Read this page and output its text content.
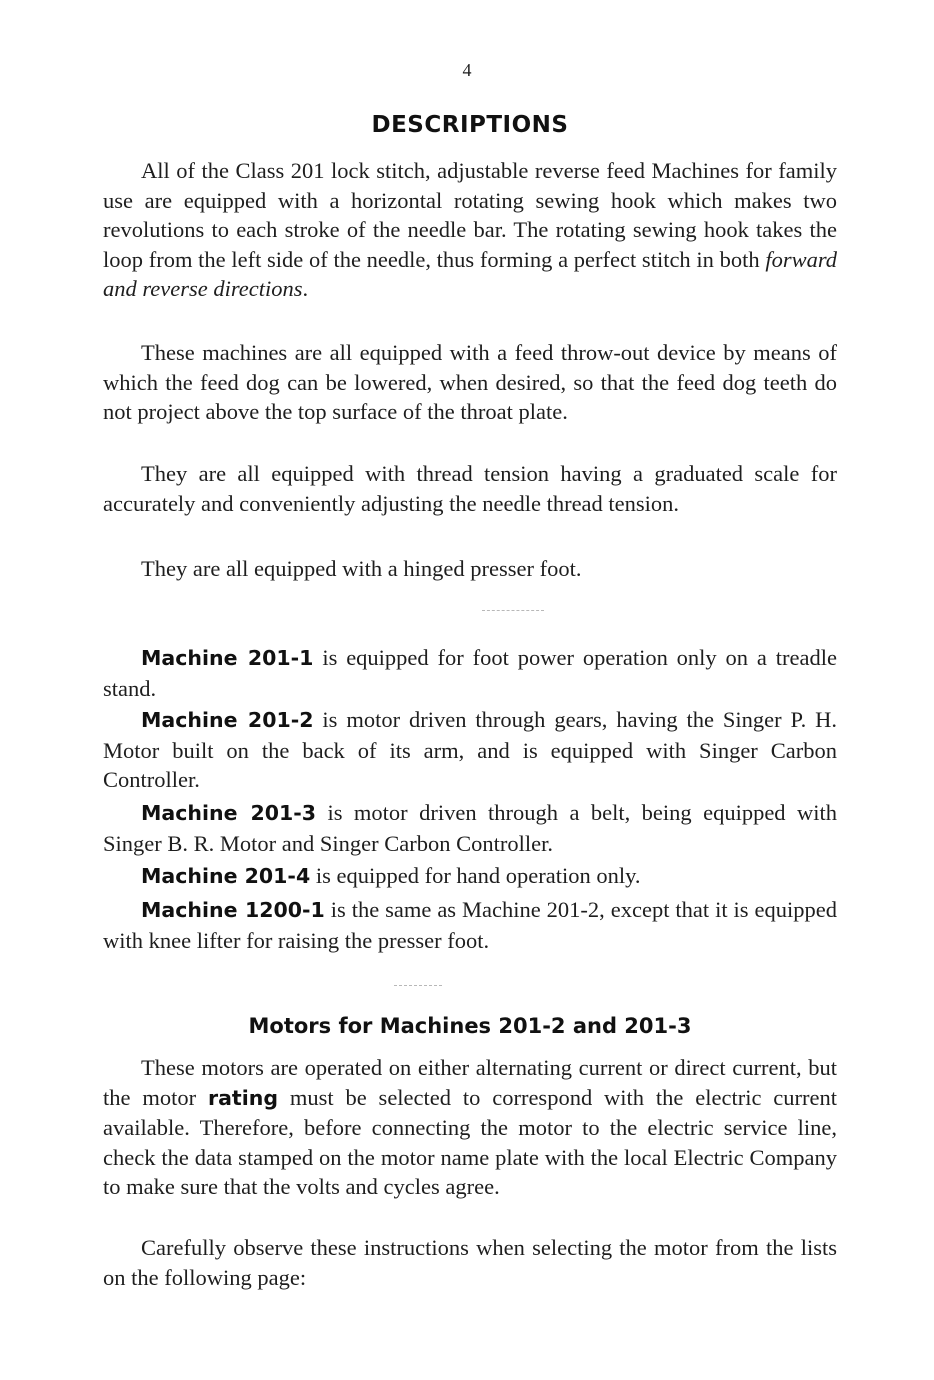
4
DESCRIPTIONS

All of the Class 201 lock stitch, adjustable reverse feed Machines for family use are equipped with a horizontal rotating sewing hook which makes two revolutions to each stroke of the needle bar. The rotating sewing hook takes the loop from the left side of the needle, thus forming a perfect stitch in both forward and reverse directions.

These machines are all equipped with a feed throw-out device by means of which the feed dog can be lowered, when desired, so that the feed dog teeth do not project above the top surface of the throat plate.

They are all equipped with thread tension having a graduated scale for accurately and conveniently adjusting the needle thread tension.

They are all equipped with a hinged presser foot.

Machine 201-1 is equipped for foot power operation only on a treadle stand.

Machine 201-2 is motor driven through gears, having the Singer P. H. Motor built on the back of its arm, and is equipped with Singer Carbon Controller.

Machine 201-3 is motor driven through a belt, being equipped with Singer B. R. Motor and Singer Carbon Controller.

Machine 201-4 is equipped for hand operation only.

Machine 1200-1 is the same as Machine 201-2, except that it is equipped with knee lifter for raising the presser foot.

Motors for Machines 201-2 and 201-3

These motors are operated on either alternating current or direct current, but the motor rating must be selected to correspond with the electric current available. Therefore, before connecting the motor to the electric service line, check the data stamped on the motor name plate with the local Electric Company to make sure that the volts and cycles agree.

Carefully observe these instructions when selecting the motor from the lists on the following page:
